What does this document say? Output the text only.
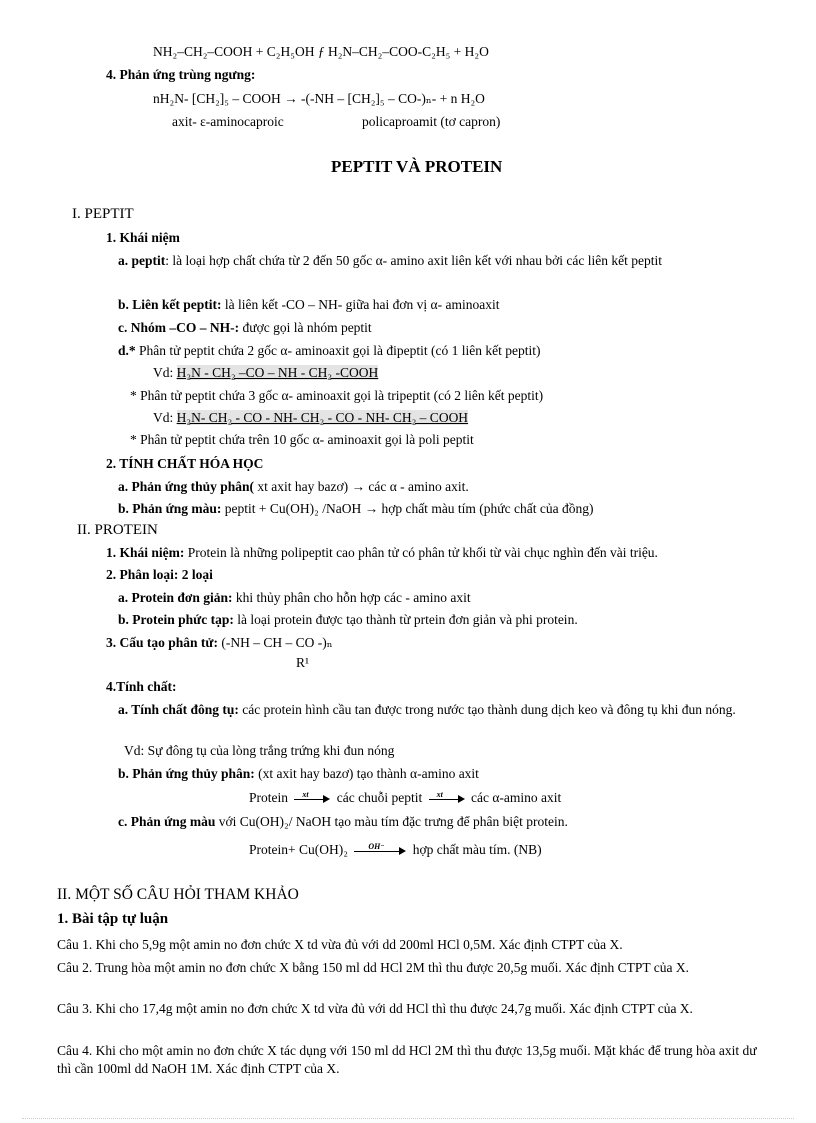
NH₂–CH₂–COOH + C₂H₅OH ƒ H₂N–CH₂–COO-C₂H₅ + H₂O
4. Phản ứng trùng ngưng:
nH₂N- [CH₂]₅ – COOH → -(-NH – [CH₂]₅ – CO-)ₙ- + n H₂O
axit- ε-aminocaproic	policaproamit (tơ capron)
PEPTIT VÀ PROTEIN
I. PEPTIT
1. Khái niệm
a. peptit: là loại hợp chất chứa từ 2 đến 50 gốc α- amino axit liên kết với nhau bởi các liên kết peptit
b. Liên kết peptit: là liên kết -CO – NH- giữa hai đơn vị α- aminoaxit
c. Nhóm –CO – NH-: được gọi là nhóm peptit
d.* Phân tử peptit chứa 2 gốc α- aminoaxit gọi là đipeptit (có 1 liên kết peptit)
Vd: H₂N - CH₂ –CO – NH - CH₂ -COOH
* Phân tử peptit chứa 3 gốc α- aminoaxit gọi là tripeptit (có 2 liên kết peptit)
Vd: H₂N- CH₂ - CO - NH- CH₂ - CO - NH- CH₂ – COOH
* Phân tử peptit chứa trên 10 gốc α- aminoaxit gọi là poli peptit
2. TÍNH CHẤT HÓA HỌC
a. Phản ứng thủy phân( xt axit hay bazơ) → các α - amino axit.
b. Phản ứng màu: peptit + Cu(OH)₂ /NaOH → hợp chất màu tím (phức chất của đồng)
II. PROTEIN
1. Khái niệm: Protein là những polipeptit cao phân tử có phân tử khối từ vài chục nghìn đến vài triệu.
2. Phân loại: 2 loại
a. Protein đơn giản: khi thủy phân cho hỗn hợp các - amino axit
b. Protein phức tạp: là loại protein được tạo thành từ prtein đơn giản và phi protein.
3. Cấu tạo phân tử: (-NH – CH – CO -)ₙ
R¹
4.Tính chất:
a. Tính chất đông tụ: các protein hình cầu tan được trong nước tạo thành dung dịch keo và đông tụ khi đun nóng.
Vd: Sự đông tụ của lòng trắng trứng khi đun nóng
b. Phản ứng thủy phân: (xt axit hay bazơ) tạo thành α-amino axit
Protein xt các chuỗi peptit xt các α-amino axit
c. Phản ứng màu với Cu(OH)₂/ NaOH tạo màu tím đặc trưng để phân biệt protein.
Protein+ Cu(OH)₂ OH⁻ hợp chất màu tím. (NB)
II. MỘT SỐ CÂU HỎI THAM KHẢO
1. Bài tập tự luận
Câu 1. Khi cho 5,9g một amin no đơn chức X td vừa đủ với dd 200ml HCl 0,5M. Xác định CTPT của X.
Câu 2. Trung hòa một amin no đơn chức X bằng 150 ml dd HCl 2M thì thu được 20,5g muối. Xác định CTPT của X.
Câu 3. Khi cho 17,4g một amin no đơn chức X td vừa đủ với dd HCl thì thu được 24,7g muối. Xác định CTPT của X.
Câu 4. Khi cho một amin no đơn chức X tác dụng với 150 ml dd HCl 2M thì thu được 13,5g muối. Mặt khác để trung hòa axit dư thì cần 100ml dd NaOH 1M. Xác định CTPT của X.
